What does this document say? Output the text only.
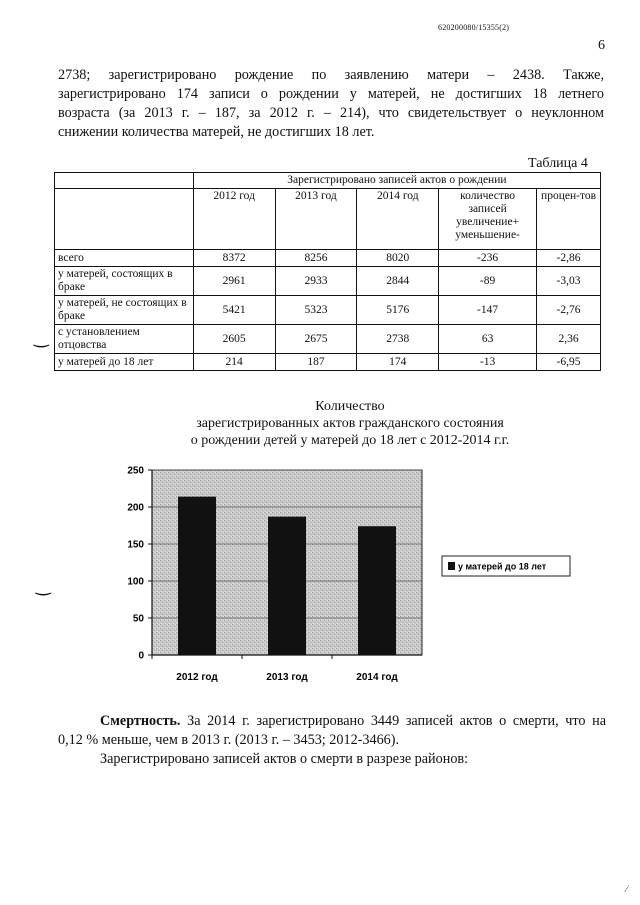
620200080/15355(2)
6
2738; зарегистрировано рождение по заявлению матери – 2438. Также,
зарегистрировано 174 записи о рождении у матерей, не достигших 18 летнего
возраста (за 2013 г. – 187, за 2012 г. – 214), что свидетельствует о неуклонном
снижении количества матерей, не достигших 18 лет.
Таблица 4
	Зарегистрировано записей актов о рождении				
	2012 год	2013 год	2014 год	количество записей увеличение+ уменьшение-	процен-тов
всего	8372	8256	8020	-236	-2,86
у матерей, состоящих в браке	2961	2933	2844	-89	-3,03
у матерей, не состоящих в браке	5421	5323	5176	-147	-2,76
с установлением отцовства	2605	2675	2738	63	2,36
у матерей до 18 лет	214	187	174	-13	-6,95
Количество
зарегистрированных актов гражданского состояния
о рождении детей у матерей до 18 лет с 2012-2014 г.г.
0
50
100
150
200
250
2012 год	2013 год	2014 год
у матерей до 18 лет
Смертность. За 2014 г. зарегистрировано 3449 записей актов о смерти, что на
0,12 % меньше, чем в 2013 г. (2013 г. – 3453; 2012-3466).
Зарегистрировано записей актов о смерти в разрезе районов:
‿
‿
⁄
